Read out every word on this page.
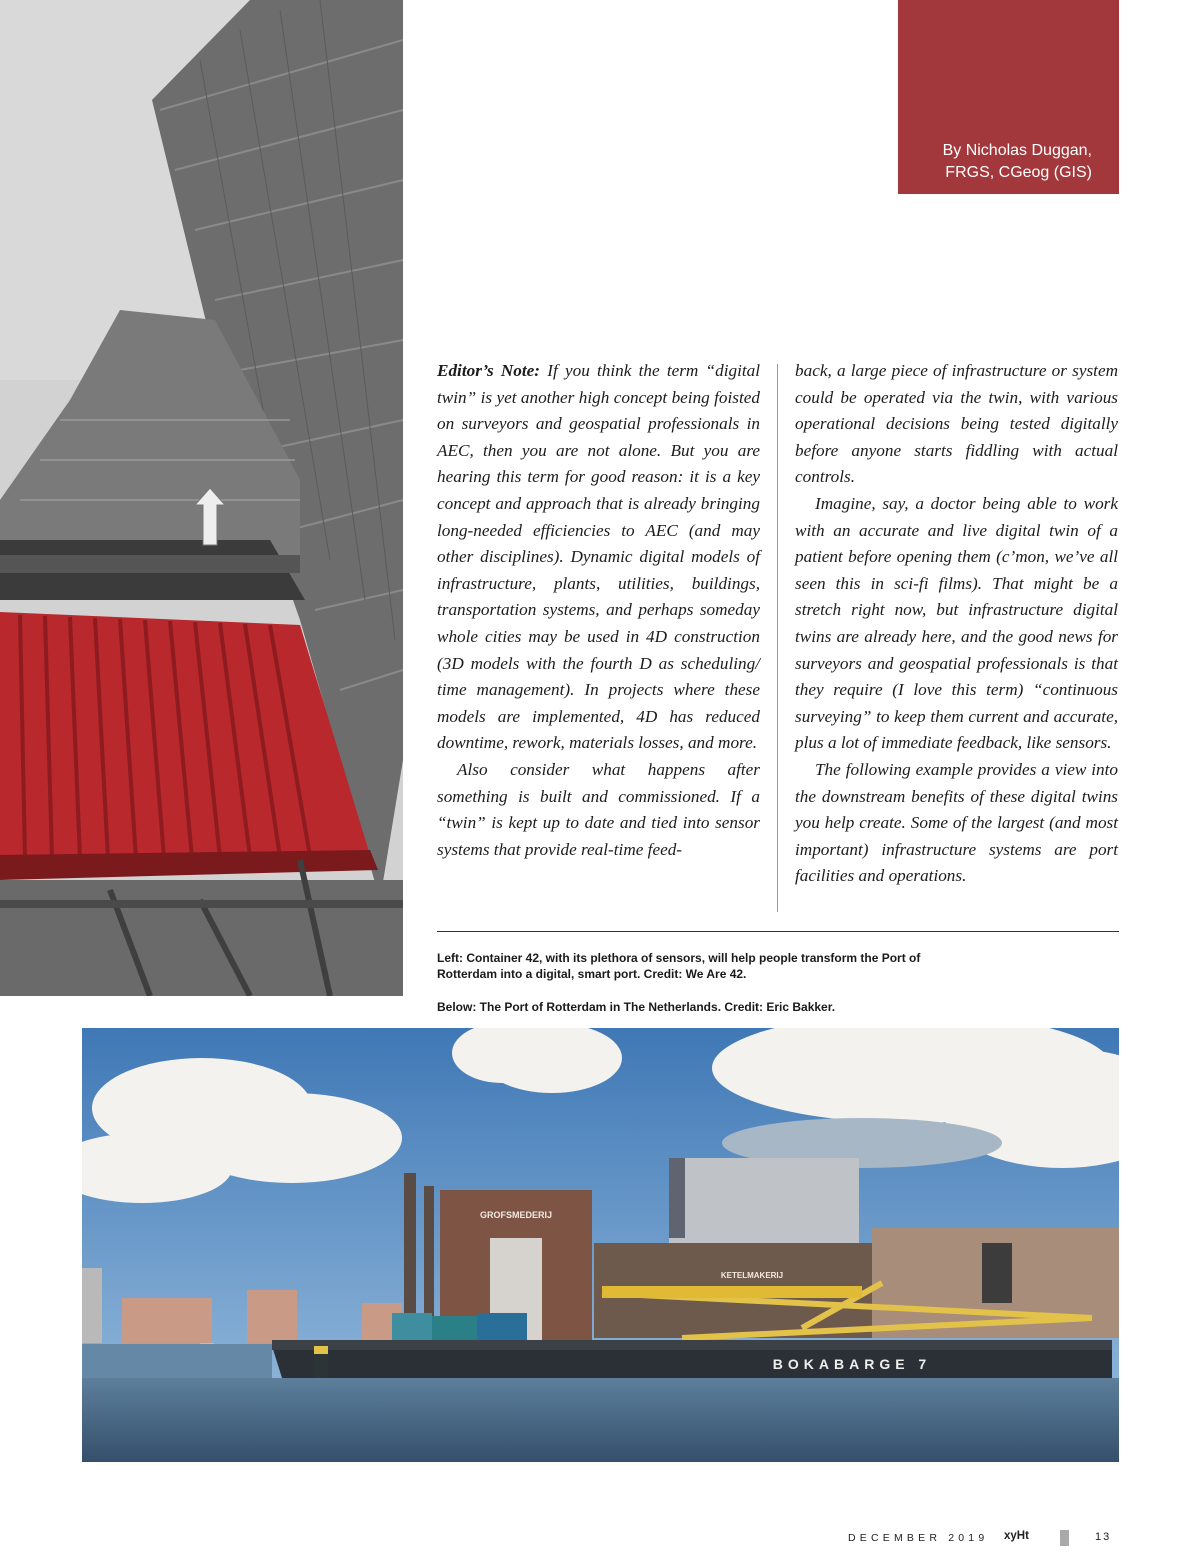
By Nicholas Duggan,
FRGS, CGeog (GIS)

Editor’s Note: If you think the term “digital twin” is yet another high concept being foisted on surveyors and geospatial professionals in AEC, then you are not alone. But you are hearing this term for good reason: it is a key concept and approach that is already bringing long-needed efficiencies to AEC (and may other disciplines). Dynamic digital models of infrastructure, plants, utilities, buildings, transportation systems, and perhaps someday whole cities may be used in 4D construction (3D models with the fourth D as scheduling/ time management). In projects where these models are implemented, 4D has reduced downtime, rework, materials losses, and more.

Also consider what happens after something is built and commissioned. If a “twin” is kept up to date and tied into sensor systems that provide real-time feed-

back, a large piece of infrastructure or system could be operated via the twin, with various operational decisions being tested digitally before anyone starts fiddling with actual controls.

Imagine, say, a doctor being able to work with an accurate and live digital twin of a patient before opening them (c’mon, we’ve all seen this in sci-fi films). That might be a stretch right now, but infrastructure digital twins are already here, and the good news for surveyors and geospatial professionals is that they require (I love this term) “continuous surveying” to keep them current and accurate, plus a lot of immediate feedback, like sensors.

The following example provides a view into the downstream benefits of these digital twins you help create. Some of the largest (and most important) infrastructure systems are port facilities and operations.

Left: Container 42, with its plethora of sensors, will help people transform the Port of Rotterdam into a digital, smart port. Credit: We Are 42.
Below: The Port of Rotterdam in The Netherlands. Credit: Eric Bakker.
GROFSMEDERIJ
KETELMAKERIJ
BOKABARGE 7
DECEMBER 2019 xyHt	13
